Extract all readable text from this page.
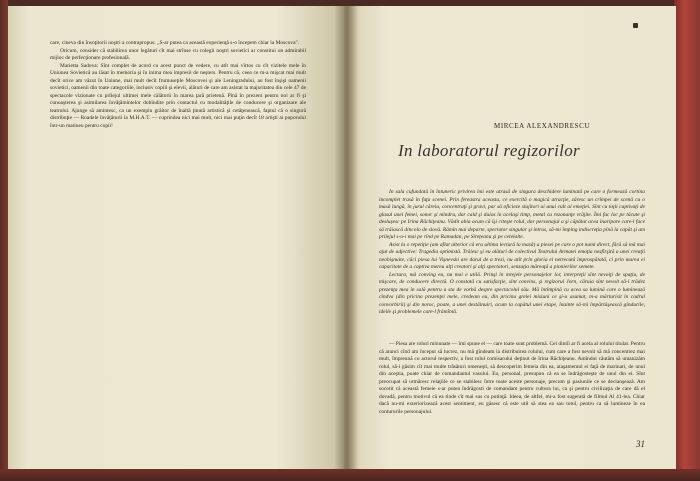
care, cineva din însoţitorii noştri a contrapropus: „S-ar putea ca această experienţă s-o începem chiar la Moscova".

Oricum, consider că stabilirea unor legături cît mai strînse cu colegii noştri sovietici ar constitui un admirabil mijloc de perfecţionare profesională.

Marietta Sadova: Sînt complet de acord cu acest punct de vedere, cu atît mai vîrtos cu cît vizitele mele în Uniunea Sovietică au lăsat în memoria şi în inima mea impresii de neşters. Pentru că, ceea ce m-a mişcat mai mult decît orice am văzut în Uniune, mai mult decît frumuseţile Moscovei şi ale Leningradului, au fost înşişi oamenii sovietici, oamenii din toate categoriile, inclusiv copiii şi elevii, alături de care am asistat la majoritatea din cele 47 de spectacole vizionate cu prilejul ultimei mele călătorii în marea ţară prietenă. Pînă în prezent pentru noi ar fi şi cunoaşterea şi asimilarea învăţămintelor dobîndite prin contactul cu modalităţile de conducere şi organizare ale teatrului. Ajunge să amintesc, ca un exemplu grăitor de înaltă ţinută artistică şi cetăţenească, faptul că o singură distribuţie — Roadele învăţăturii la M.H.A.T. — cuprindea nici mai mult, nici mai puţin decît 18 artişti ai poporului într-un matineu pentru copii!	MIRCEA ALEXANDRESCU
In laboratorul regizorilor

In sala cufundată în întuneric privirea îmi este atrasă de singura deschidere luminată pe care o formează cortina incomplet trasă în faţa scenei. Prin fereastra aceasta, ce exercită o magică atracţie, zăresc un crîmpei de scenă cu o masă lungă, în jurul căreia, concentraţi şi gravi, par să oficieze slujitori ai unui cult al emoţiei. Sînt cu toţii captivaţi de glasul unei femei, sonor şi mîndru, dar cald şi duios în acelaşi timp, metal cu rezonanţe vrăjite. Îmi fac loc pe tăcute şi deslușesc pe Irina Răchiţeanu. Vădit abia acum că îşi citeşte rolul, dar personajul a şi căpătat acea înaripare care-l face să trăiască dincolo de slovă. Rămîn mai departe, spectator singular şi intrus, să-mi împing indiscreţia pînă la capăt şi am prilejul s-o-i mai pe rînd pe Ramadan, pe Sirețeanu şi pe celelalte.

Asist la o repetiţie (am aflat ulterior că era ultima lectură la masă) a piesei pe care o pot numi direct, fără să mă mai ajut de adjective: Tragedia optimistă. Trăiesc şi eu alături de colectivul Teatrului Armatei emoţia nesfîrşită a unei creaţii neobişnuite, căci piesa lui Vişnevski are darul de a trezi, nu atît prin gloria ei netrecută împrospătată, ci prin marea ei capacitate de a captiva mereu alţi creatori şi alţi spectatori, senzaţia măreaţă a pionierilor semete.

Lectura, mă conving eu, nu mai e utilă. Prinşi în mrejele personajelor lor, interpreţii sînt nevoiţi de spaţiu, de mişcare, de conducere directă. O constată cu satisfacţie, sînt convins, şi regizorul Jorn, căruia sînt nevoit să-i trădez prezenţa mea în sală pentru a sta de vorbă despre spectacolul său. Mă întîmpină cu acea sa lumină care o luminează cîndva (din pricina prezenţei mele, credeam eu, din pricina grelei misiuni ce şi-a asumat, m-a mărturisit în cadrul convorbirii) şi din noroc, poate, a unei destăinuiri, acum la capătul unei etape, înainte să-mi împărtăşească gîndurile, ideile şi problemele care-l frămîntă.

— Piesa are roluri minunate — îmi spune el — care toate sunt problemă. Cel dintîi ar fi acela al rolului titular. Pentru că atunci cînd am început să lucrez, nu mă gîndeam la distribuirea rolului, cum care a fost nevoit să mă concentrez mai mult, împreună cu actorul respectiv, a fost rolul comisarului deţinut de Irina Răchiţeanu. Amîndoi căutăm să umanizăm rolul, să-i găsim cît mai multe trăsături omeneşti, să descoperim femeia din ea, ataşamentul ei faţă de marinari, de unul din aceştia, poate chiar de comandantul vasului. Eu, personal, presupun că ea se îndrăgosteşte de unul din ei. Sînt preocupat să urmăresc relaţiile ce se stabilesc între toate aceste personaje, precum şi pasiunile ce se declanşează. Am socotit că această femeie s-ar putea îndrăgosti de comandant pentru cultura lui, ca şi pentru civilizaţia de care dă el dovadă, pentru motivul că ea tinde cît mai sus cu putinţă. Ideea, de altfel, mi-a fost sugerată de filmul Al 41-lea. Chiar dacă nu-mi exteriorizează acest sentiment, eu găsesc că este util să stea ea sau totul, pentru ca să lumineze în ea contururile personajului.

31
